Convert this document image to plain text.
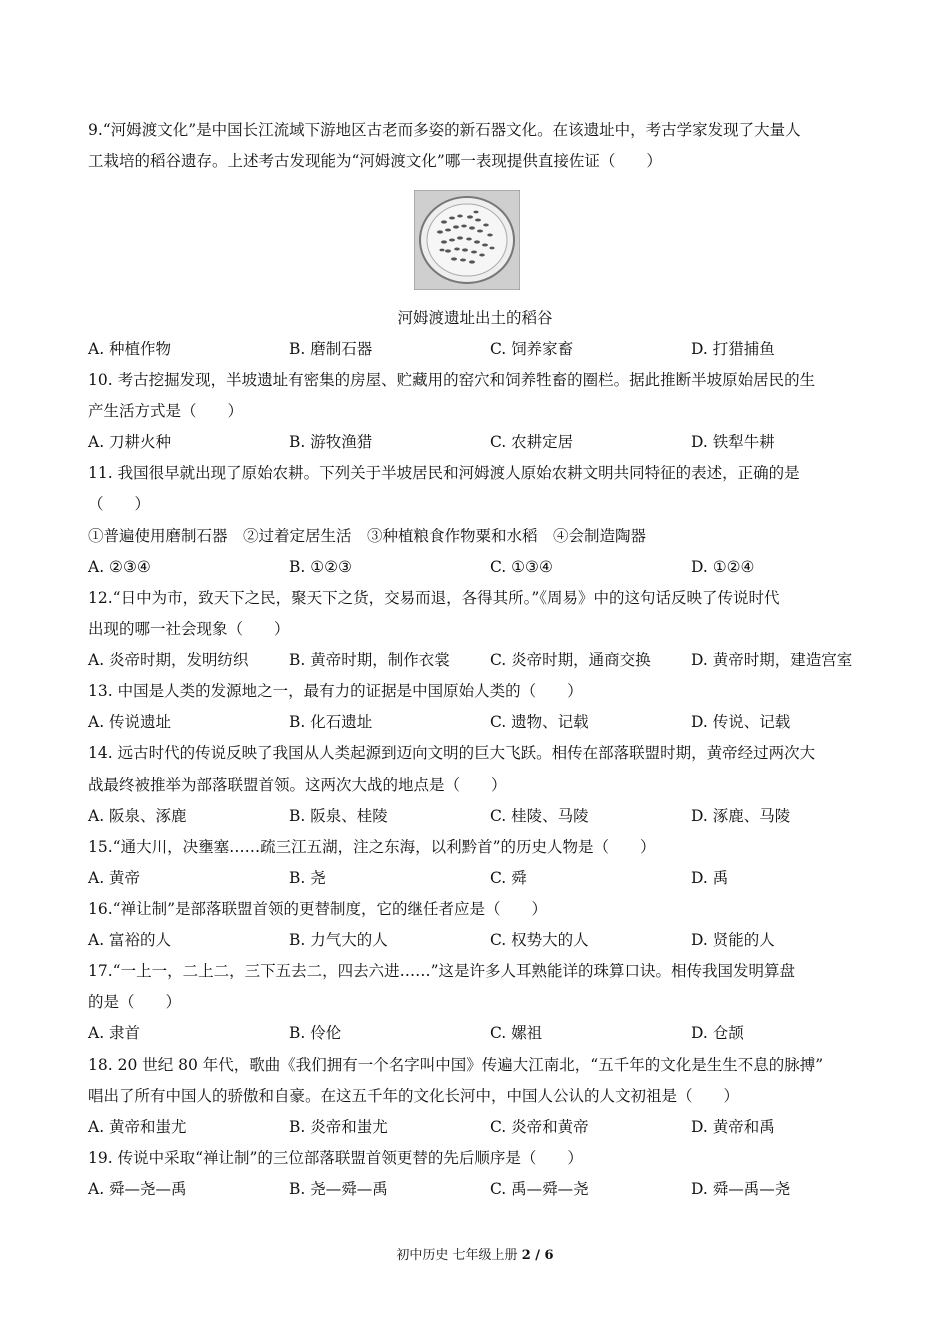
9.“河姆渡文化”是中国长江流域下游地区古老而多姿的新石器文化。在该遗址中，考古学家发现了大量人
工栽培的稻谷遗存。上述考古发现能为“河姆渡文化”哪一表现提供直接佐证（　　）
河姆渡遗址出土的稻谷
A. 种植作物	B. 磨制石器	C. 饲养家畜	D. 打猎捕鱼
10. 考古挖掘发现，半坡遗址有密集的房屋、贮藏用的窑穴和饲养牲畜的圈栏。据此推断半坡原始居民的生
产生活方式是（　　）
A. 刀耕火种	B. 游牧渔猎	C. 农耕定居	D. 铁犁牛耕
11. 我国很早就出现了原始农耕。下列关于半坡居民和河姆渡人原始农耕文明共同特征的表述，正确的是
（　　）
①普遍使用磨制石器　②过着定居生活　③种植粮食作物粟和水稻　④会制造陶器
A. ②③④	B. ①②③	C. ①③④	D. ①②④
12.“日中为市，致天下之民，聚天下之货，交易而退，各得其所。”《周易》中的这句话反映了传说时代
出现的哪一社会现象（　　）
A. 炎帝时期，发明纺织	B. 黄帝时期，制作衣裳	C. 炎帝时期，通商交换	D. 黄帝时期，建造宫室
13. 中国是人类的发源地之一，最有力的证据是中国原始人类的（　　）
A. 传说遗址	B. 化石遗址	C. 遗物、记载	D. 传说、记载
14. 远古时代的传说反映了我国从人类起源到迈向文明的巨大飞跃。相传在部落联盟时期，黄帝经过两次大
战最终被推举为部落联盟首领。这两次大战的地点是（　　）
A. 阪泉、涿鹿	B. 阪泉、桂陵	C. 桂陵、马陵	D. 涿鹿、马陵
15.“通大川，决壅塞……疏三江五湖，注之东海，以利黔首”的历史人物是（　　）
A. 黄帝	B. 尧	C. 舜	D. 禹
16.“禅让制”是部落联盟首领的更替制度，它的继任者应是（　　）
A. 富裕的人	B. 力气大的人	C. 权势大的人	D. 贤能的人
17.“一上一，二上二，三下五去二，四去六进……”这是许多人耳熟能详的珠算口诀。相传我国发明算盘
的是（　　）
A. 隶首	B. 伶伦	C. 嫘祖	D. 仓颉
18. 20 世纪 80 年代，歌曲《我们拥有一个名字叫中国》传遍大江南北，“五千年的文化是生生不息的脉搏”
唱出了所有中国人的骄傲和自豪。在这五千年的文化长河中，中国人公认的人文初祖是（　　）
A. 黄帝和蚩尤	B. 炎帝和蚩尤	C. 炎帝和黄帝	D. 黄帝和禹
19. 传说中采取“禅让制”的三位部落联盟首领更替的先后顺序是（　　）
A. 舜—尧—禹	B. 尧—舜—禹	C. 禹—舜—尧	D. 舜—禹—尧
初中历史 七年级上册 2 / 6
